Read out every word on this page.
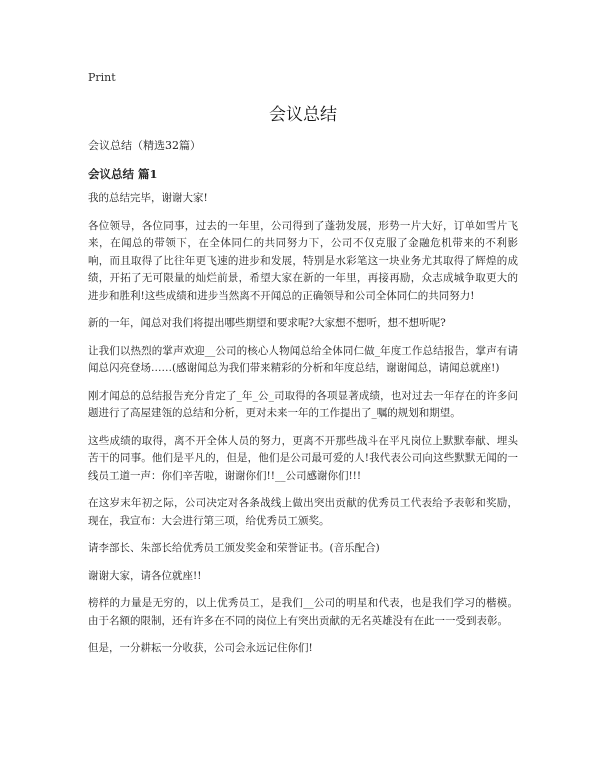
Print

会议总结

会议总结（精选32篇）

会议总结 篇1

我的总结完毕，谢谢大家!

各位领导，各位同事，过去的一年里，公司得到了蓬勃发展，形势一片大好，订单如雪片飞来，在闻总的带领下，在全体同仁的共同努力下，公司不仅克服了金融危机带来的不利影响，而且取得了比往年更飞速的进步和发展，特别是水彩笔这一块业务尤其取得了辉煌的成绩，开拓了无可限量的灿烂前景，希望大家在新的一年里，再接再励，众志成城争取更大的进步和胜利!这些成绩和进步当然离不开闻总的正确领导和公司全体同仁的共同努力!

新的一年，闻总对我们将提出哪些期望和要求呢?大家想不想听，想不想听呢?

让我们以热烈的掌声欢迎__公司的核心人物闻总给全体同仁做_年度工作总结报告，掌声有请闻总闪亮登场……(感谢闻总为我们带来精彩的分析和年度总结，谢谢闻总，请闻总就座!)

刚才闻总的总结报告充分肯定了_年_公_司取得的各项显著成绩，也对过去一年存在的许多问题进行了高屋建瓴的总结和分析，更对未来一年的工作提出了_嘱的规划和期望。

这些成绩的取得，离不开全体人员的努力，更离不开那些战斗在平凡岗位上默默奉献、埋头苦干的同事。他们是平凡的，但是，他们是公司最可爱的人!我代表公司向这些默默无闻的一线员工道一声：你们辛苦啦，谢谢你们!!__公司感谢你们!!!

在这岁末年初之际，公司决定对各条战线上做出突出贡献的优秀员工代表给予表彰和奖励，现在，我宣布：大会进行第三项，给优秀员工颁奖。

请李部长、朱部长给优秀员工颁发奖金和荣誉证书。(音乐配合)

谢谢大家，请各位就座!!

榜样的力量是无穷的，以上优秀员工，是我们__公司的明星和代表，也是我们学习的楷模。由于名额的限制，还有许多在不同的岗位上有突出贡献的无名英雄没有在此一一受到表彰。

但是，一分耕耘一分收获，公司会永远记住你们!
